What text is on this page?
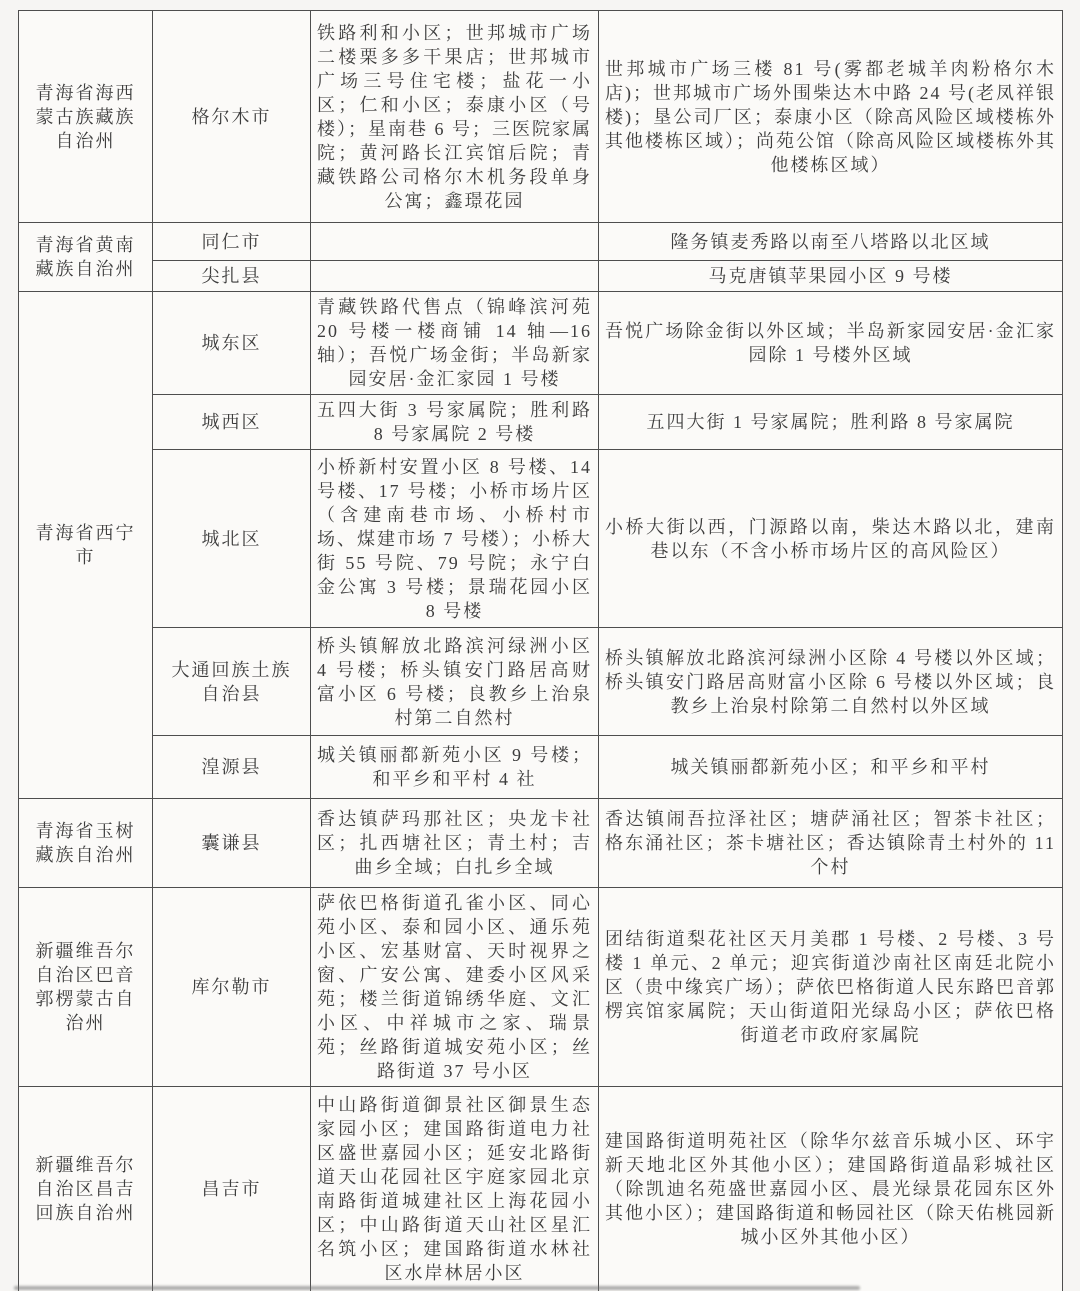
青海省海西蒙古族藏族自治州	格尔木市	铁路利和小区；世邦城市广场二楼栗多多干果店；世邦城市广场三号住宅楼；盐花一小区；仁和小区；泰康小区（号楼）；星南巷 6 号；三医院家属院；黄河路长江宾馆后院；青藏铁路公司格尔木机务段单身公寓；鑫璟花园	世邦城市广场三楼 81 号(雾都老城羊肉粉格尔木店)；世邦城市广场外围柴达木中路 24 号(老凤祥银楼)；垦公司厂区；泰康小区（除高风险区域楼栋外其他楼栋区域）；尚苑公馆（除高风险区域楼栋外其他楼栋区域）
青海省黄南藏族自治州	同仁市		隆务镇麦秀路以南至八塔路以北区域
	尖扎县		马克唐镇苹果园小区 9 号楼
青海省西宁市	城东区	青藏铁路代售点（锦峰滨河苑 20 号楼一楼商铺 14 轴—16 轴）；吾悦广场金街；半岛新家园安居·金汇家园 1 号楼	吾悦广场除金街以外区域；半岛新家园安居·金汇家园除 1 号楼外区域
	城西区	五四大街 3 号家属院；胜利路 8 号家属院 2 号楼	五四大街 1 号家属院；胜利路 8 号家属院
	城北区	小桥新村安置小区 8 号楼、14 号楼、17 号楼；小桥市场片区（含建南巷市场、小桥村市场、煤建市场 7 号楼）；小桥大街 55 号院、79 号院；永宁白金公寓 3 号楼；景瑞花园小区 8 号楼	小桥大街以西，门源路以南，柴达木路以北，建南巷以东（不含小桥市场片区的高风险区）
	大通回族土族自治县	桥头镇解放北路滨河绿洲小区 4 号楼；桥头镇安门路居高财富小区 6 号楼；良教乡上治泉村第二自然村	桥头镇解放北路滨河绿洲小区除 4 号楼以外区域；桥头镇安门路居高财富小区除 6 号楼以外区域；良教乡上治泉村除第二自然村以外区域
	湟源县	城关镇丽都新苑小区 9 号楼；和平乡和平村 4 社	城关镇丽都新苑小区；和平乡和平村
青海省玉树藏族自治州	囊谦县	香达镇萨玛那社区；央龙卡社区；扎西塘社区；青土村；吉曲乡全域；白扎乡全域	香达镇闹吾拉泽社区；塘萨涌社区；智茶卡社区；格东涌社区；茶卡塘社区；香达镇除青土村外的 11 个村
新疆维吾尔自治区巴音郭楞蒙古自治州	库尔勒市	萨依巴格街道孔雀小区、同心苑小区、泰和园小区、通乐苑小区、宏基财富、天时视界之窗、广安公寓、建委小区风采苑；楼兰街道锦绣华庭、文汇小区、中祥城市之家、瑞景苑；丝路街道城安苑小区；丝路街道 37 号小区	团结街道梨花社区天月美郡 1 号楼、2 号楼、3 号楼 1 单元、2 单元；迎宾街道沙南社区南廷北院小区（贵中缘宾广场）；萨依巴格街道人民东路巴音郭楞宾馆家属院；天山街道阳光绿岛小区；萨依巴格街道老市政府家属院
新疆维吾尔自治区昌吉回族自治州	昌吉市	中山路街道御景社区御景生态家园小区；建国路街道电力社区盛世嘉园小区；延安北路街道天山花园社区宇庭家园北京南路街道城建社区上海花园小区；中山路街道天山社区星汇名筑小区；建国路街道水林社区水岸林居小区	建国路街道明苑社区（除华尔兹音乐城小区、环宇新天地北区外其他小区）；建国路街道晶彩城社区（除凯迪名苑盛世嘉园小区、晨光绿景花园东区外其他小区）；建国路街道和畅园社区（除天佑桃园新城小区外其他小区）
